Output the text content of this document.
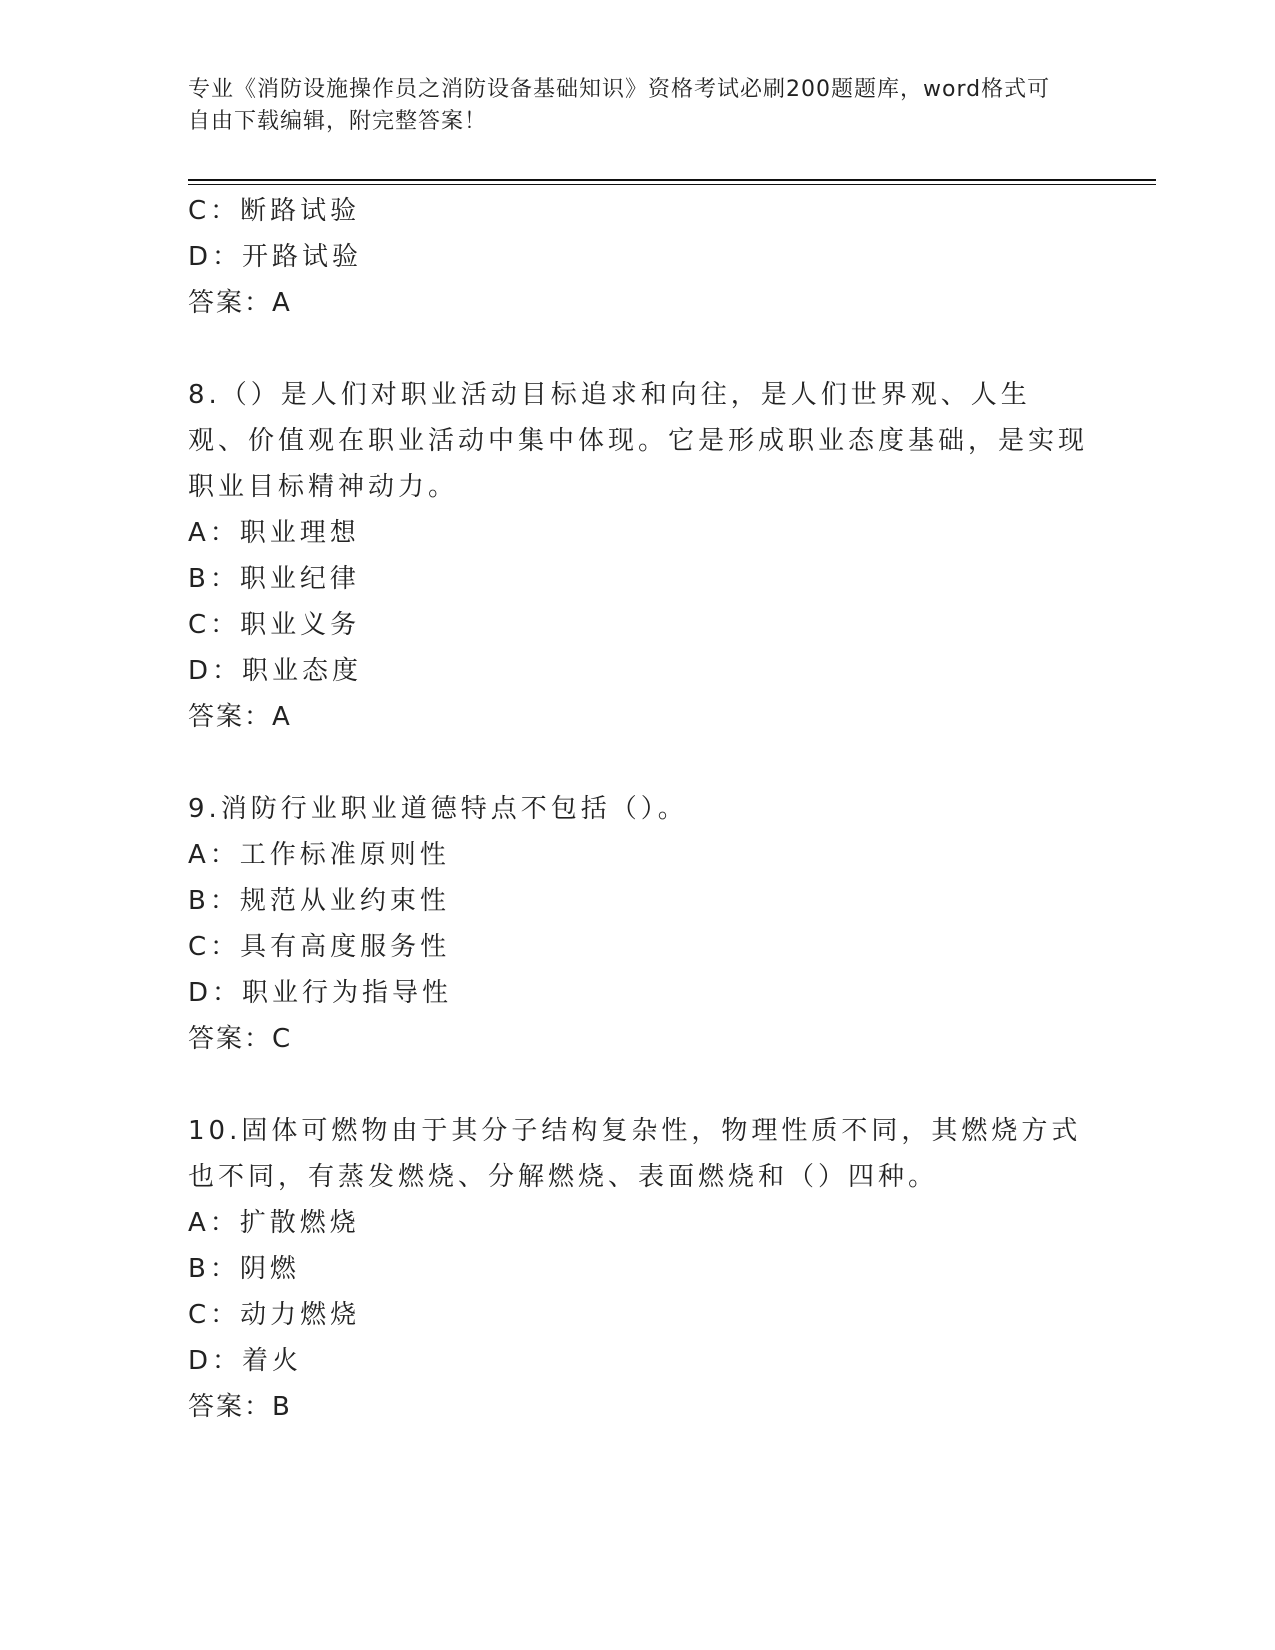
专业《消防设施操作员之消防设备基础知识》资格考试必刷200题题库，word格式可自由下载编辑，附完整答案！
C：断路试验
D：开路试验
答案：A
8.（）是人们对职业活动目标追求和向往，是人们世界观、人生观、价值观在职业活动中集中体现。它是形成职业态度基础，是实现职业目标精神动力。
A：职业理想
B：职业纪律
C：职业义务
D：职业态度
答案：A
9.消防行业职业道德特点不包括（）。
A：工作标准原则性
B：规范从业约束性
C：具有高度服务性
D：职业行为指导性
答案：C
10.固体可燃物由于其分子结构复杂性，物理性质不同，其燃烧方式也不同，有蒸发燃烧、分解燃烧、表面燃烧和（）四种。
A：扩散燃烧
B：阴燃
C：动力燃烧
D：着火
答案：B
